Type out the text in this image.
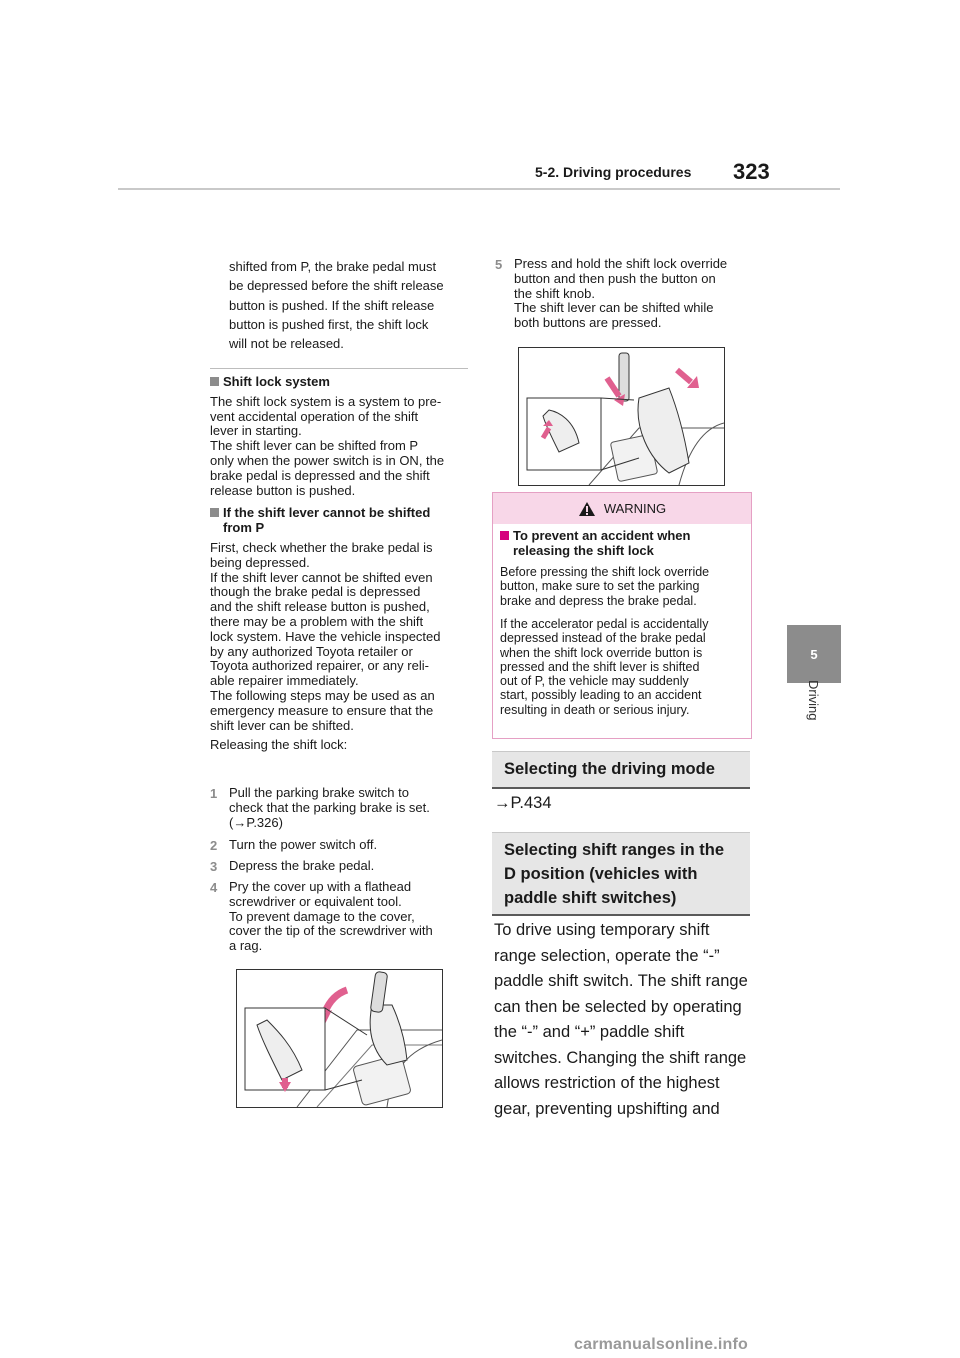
5-2. Driving procedures 323
5
Driving
shifted from P, the brake pedal must
be depressed before the shift release
button is pushed. If the shift release
button is pushed first, the shift lock
will not be released.
Shift lock system
The shift lock system is a system to pre-
vent accidental operation of the shift
lever in starting.
The shift lever can be shifted from P
only when the power switch is in ON, the
brake pedal is depressed and the shift
release button is pushed.
If the shift lever cannot be shifted
from P
First, check whether the brake pedal is
being depressed.
If the shift lever cannot be shifted even
though the brake pedal is depressed
and the shift release button is pushed,
there may be a problem with the shift
lock system. Have the vehicle inspected
by any authorized Toyota retailer or
Toyota authorized repairer, or any reli-
able repairer immediately.
The following steps may be used as an
emergency measure to ensure that the
shift lever can be shifted.
Releasing the shift lock:
1 Pull the parking brake switch to
check that the parking brake is set.
(→P.326)
2 Turn the power switch off.
3 Depress the brake pedal.
4 Pry the cover up with a flathead
screwdriver or equivalent tool.
To prevent damage to the cover,
cover the tip of the screwdriver with
a rag.
5 Press and hold the shift lock override
button and then push the button on
the shift knob.
The shift lever can be shifted while
both buttons are pressed.
WARNING
To prevent an accident when
releasing the shift lock
Before pressing the shift lock override
button, make sure to set the parking
brake and depress the brake pedal.
If the accelerator pedal is accidentally
depressed instead of the brake pedal
when the shift lock override button is
pressed and the shift lever is shifted
out of P, the vehicle may suddenly
start, possibly leading to an accident
resulting in death or serious injury.
Selecting the driving mode
→P.434
Selecting shift ranges in the
D position (vehicles with
paddle shift switches)
To drive using temporary shift
range selection, operate the “-”
paddle shift switch. The shift range
can then be selected by operating
the “-” and “+” paddle shift
switches. Changing the shift range
allows restriction of the highest
gear, preventing upshifting and
carmanualsonline.info
